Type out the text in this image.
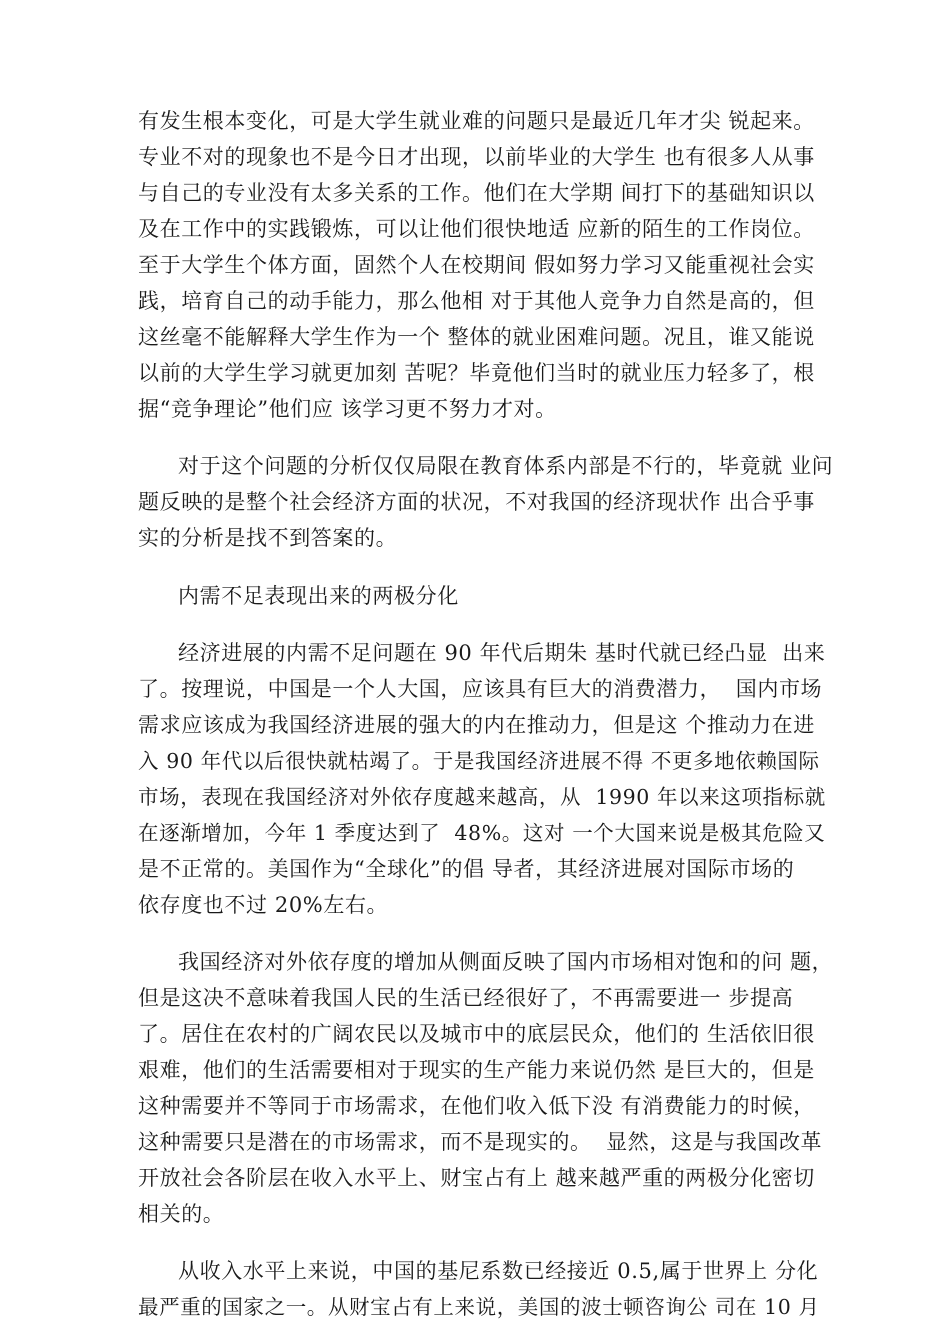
有发生根本变化，可是大学生就业难的问题只是最近几年才尖 锐起来。
专业不对的现象也不是今日才出现，以前毕业的大学生 也有很多人从事
与自己的专业没有太多关系的工作。他们在大学期 间打下的基础知识以
及在工作中的实践锻炼，可以让他们很快地适 应新的陌生的工作岗位。
至于大学生个体方面，固然个人在校期间 假如努力学习又能重视社会实
践，培育自己的动手能力，那么他相 对于其他人竞争力自然是高的，但
这丝毫不能解释大学生作为一个 整体的就业困难问题。况且，谁又能说
以前的大学生学习就更加刻 苦呢？毕竟他们当时的就业压力轻多了，根
据“竞争理论”他们应 该学习更不努力才对。
对于这个问题的分析仅仅局限在教育体系内部是不行的，毕竟就 业问
题反映的是整个社会经济方面的状况，不对我国的经济现状作 出合乎事
实的分析是找不到答案的。
内需不足表现出来的两极分化
经济进展的内需不足问题在 90 年代后期朱 基时代就已经凸显  出来
了。按理说，中国是一个人大国，应该具有巨大的消费潜力，  国内市场
需求应该成为我国经济进展的强大的内在推动力，但是这 个推动力在进
入 90 年代以后很快就枯竭了。于是我国经济进展不得 不更多地依赖国际
市场，表现在我国经济对外依存度越来越高，从  1990 年以来这项指标就
在逐渐增加，今年 1 季度达到了  48%。这对 一个大国来说是极其危险又
是不正常的。美国作为“全球化”的倡 导者，其经济进展对国际市场的
依存度也不过 20%左右。
我国经济对外依存度的增加从侧面反映了国内市场相对饱和的问 题，
但是这决不意味着我国人民的生活已经很好了，不再需要进一 步提高
了。居住在农村的广阔农民以及城市中的底层民众，他们的 生活依旧很
艰难，他们的生活需要相对于现实的生产能力来说仍然 是巨大的，但是
这种需要并不等同于市场需求，在他们收入低下没 有消费能力的时候，
这种需要只是潜在的市场需求，而不是现实的。  显然，这是与我国改革
开放社会各阶层在收入水平上、财宝占有上 越来越严重的两极分化密切
相关的。
从收入水平上来说，中国的基尼系数已经接近 0.5,属于世界上 分化
最严重的国家之一。从财宝占有上来说，美国的波士顿咨询公 司在 10 月
